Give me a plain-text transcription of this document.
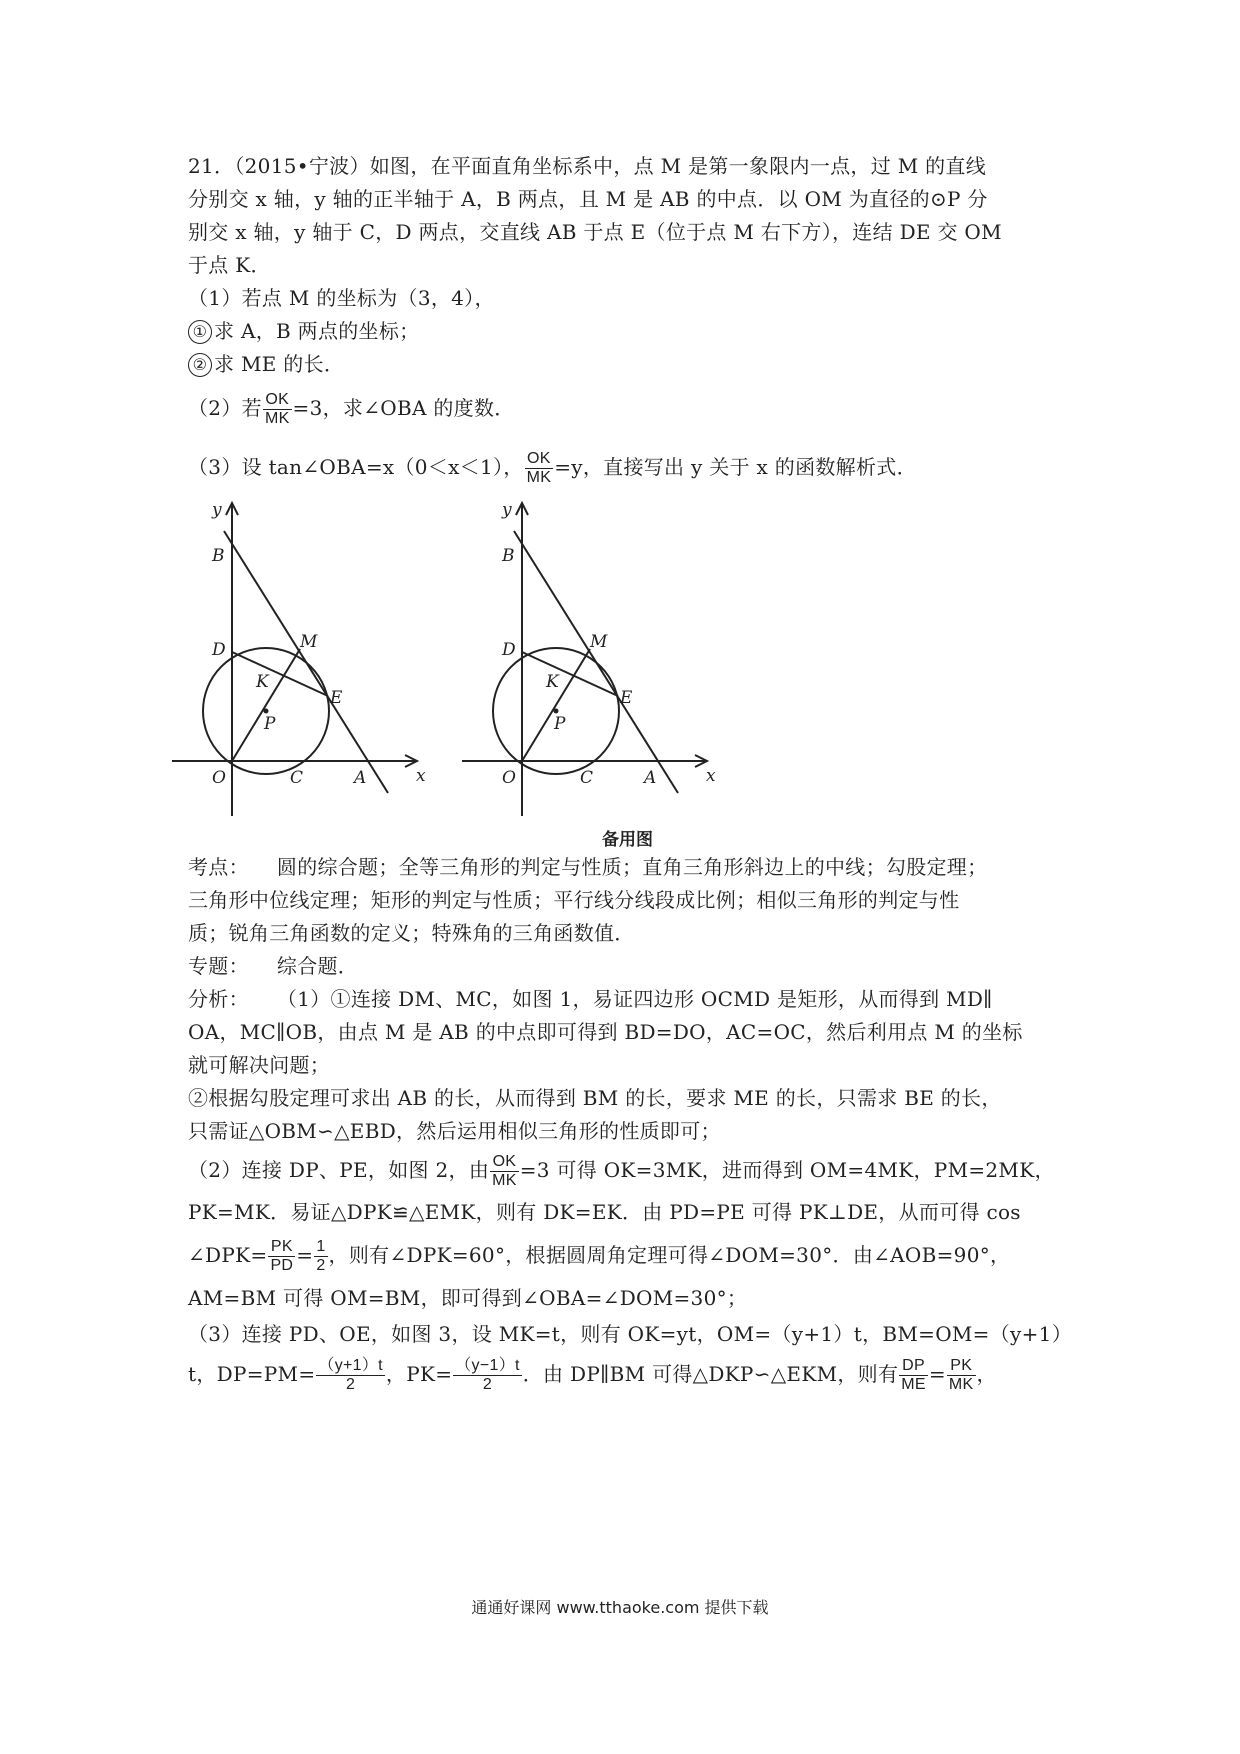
21．（2015•宁波）如图，在平面直角坐标系中，点 M 是第一象限内一点，过 M 的直线
分别交 x 轴，y 轴的正半轴于 A，B 两点，且 M 是 AB 的中点．以 OM 为直径的⊙P 分
别交 x 轴，y 轴于 C，D 两点，交直线 AB 于点 E（位于点 M 右下方），连结 DE 交 OM
于点 K．
（1）若点 M 的坐标为（3，4），
① 求 A，B 两点的坐标；
② 求 ME 的长．
（2）若 $\frac{OK}{MK} =3$，求∠OBA 的度数．
（3）设 tan∠OBA=x（0＜x＜1）， $\frac{OK}{MK} =y$，直接写出 y 关于 x 的函数解析式．
y
B
M
D
K
P
E
O	C	A	x
y
B
M
D
K
P
E
O	C	A	x
备用图
考点： 圆的综合题；全等三角形的判定与性质；直角三角形斜边上的中线；勾股定理；
三角形中位线定理；矩形的判定与性质；平行线分线段成比例；相似三角形的判定与性
质；锐角三角函数的定义；特殊角的三角函数值．
专题： 综合题．
分析： （1）①连接 DM、MC，如图 1，易证四边形 OCMD 是矩形，从而得到 MD∥
OA，MC∥OB，由点 M 是 AB 的中点即可得到 BD=DO，AC=OC，然后利用点 M 的坐标
就可解决问题；
②根据勾股定理可求出 AB 的长，从而得到 BM 的长，要求 ME 的长，只需求 BE 的长，
只需证△OBM∽△EBD，然后运用相似三角形的性质即可；
（2）连接 DP、PE，如图 2，由 $\frac{OK}{MK} =3$ 可得 OK=3MK，进而得到 OM=4MK，PM=2MK，
PK=MK．易证△DPK≌△EMK，则有 DK=EK．由 PD=PE 可得 PK⊥DE，从而可得 cos
∠DPK= $\frac{PK}{PD} = \frac{1}{2}$ ，则有∠DPK=60°，根据圆周角定理可得∠DOM=30°．由∠AOB=90°，
AM=BM 可得 OM=BM，即可得到∠OBA=∠DOM=30°；
（3）连接 PD、OE，如图 3，设 MK=t，则有 OK=yt，OM=（y+1）t，BM=OM=（y+1）
t，$DP=PM= \frac{(y+1)t}{2}$ ，$PK= \frac{(y-1)t}{2}$ ．由 DP∥BM 可得△DKP∽△EKM，则有 $\frac{DP}{ME} = \frac{PK}{MK}$ ，
通通好课网 www.tthaoke.com 提供下载
